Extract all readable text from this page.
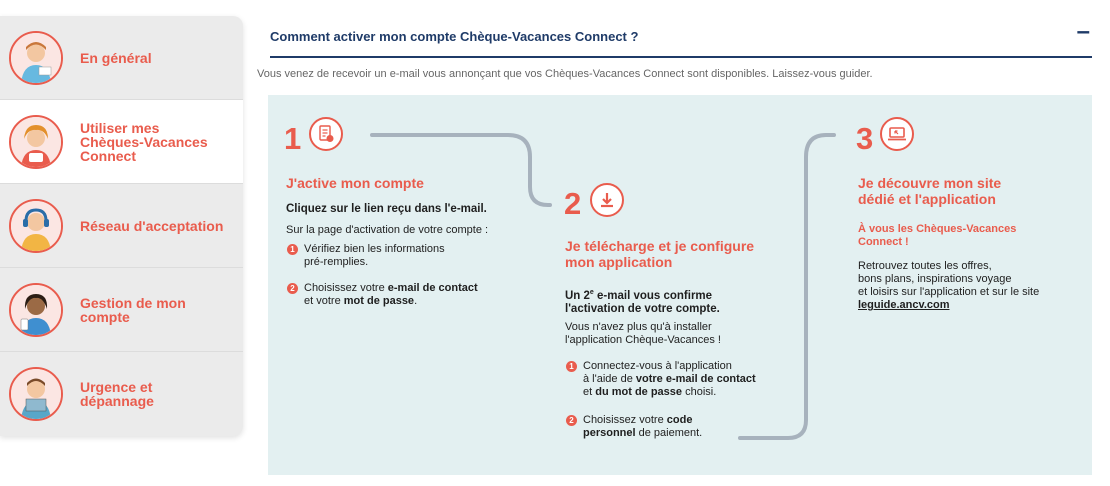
En général
Utiliser mes Chèques-Vacances Connect
Réseau d'acceptation
Gestion de mon compte
Urgence et dépannage
Comment activer mon compte Chèque-Vacances Connect ?	–
Vous venez de recevoir un e-mail vous annonçant que vos Chèques-Vacances Connect sont disponibles. Laissez-vous guider.
1
J'active mon compte
Cliquez sur le lien reçu dans l'e-mail.
Sur la page d'activation de votre compte :
1 Vérifiez bien les informations
pré-remplies.
2 Choisissez votre e-mail de contact
et votre mot de passe.
2
Je télécharge et je configure
mon application
Un 2e e-mail vous confirme
l'activation de votre compte.
Vous n'avez plus qu'à installer
l'application Chèque-Vacances !
1 Connectez-vous à l'application
à l'aide de votre e-mail de contact
et du mot de passe choisi.
2 Choisissez votre code
personnel de paiement.
3
Je découvre mon site
dédié et l'application
À vous les Chèques-Vacances
Connect !
Retrouvez toutes les offres,
bons plans, inspirations voyage
et loisirs sur l'application et sur le site
leguide.ancv.com
